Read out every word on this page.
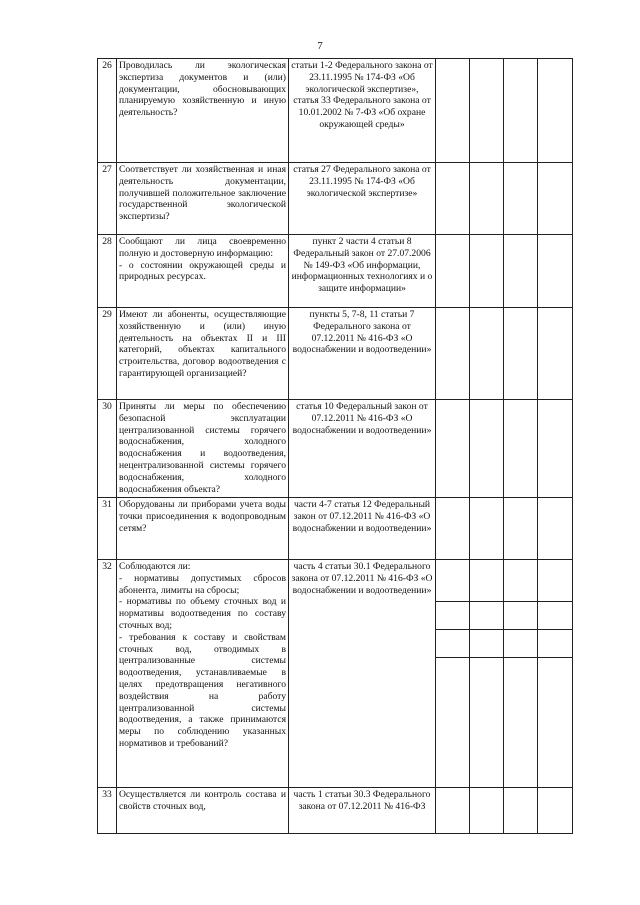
7
26	Проводилась ли экологическая экспертиза документов и (или) документации, обосновывающих планируемую хозяйственную и иную деятельность?	статьи 1-2 Федерального закона от 23.11.1995 № 174-ФЗ «Об экологической экспертизе»,
статья 33 Федерального закона от 10.01.2002 № 7-ФЗ «Об охране окружающей среды»				

27	Соответствует ли хозяйственная и иная деятельность документации, получившей положительное заключение государственной экологической экспертизы?	статья 27 Федерального закона от 23.11.1995 № 174-ФЗ «Об экологической экспертизе»				

28	Сообщают ли лица своевременно полную и достоверную информацию:
- о состоянии окружающей среды и природных ресурсах.	пункт 2 части 4 статьи 8 Федеральный закон от 27.07.2006 № 149-ФЗ «Об информации, информационных технологиях и о защите информации»				

29	Имеют ли абоненты, осуществляющие хозяйственную и (или) иную деятельность на объектах II и III категорий, объектах капитального строительства, договор водоотведения с гарантирующей организацией?	пункты 5, 7-8, 11 статьи 7 Федерального закона от 07.12.2011 № 416-ФЗ «О водоснабжении и водоотведении»				

30	Приняты ли меры по обеспечению безопасной эксплуатации централизованной системы горячего водоснабжения, холодного водоснабжения и водоотведения, нецентрализованной системы горячего водоснабжения, холодного водоснабжения объекта?	статья 10 Федеральный закон от 07.12.2011 № 416-ФЗ «О водоснабжении и водоотведении»				

31	Оборудованы ли приборами учета воды точки присоединения к водопроводным сетям?	части 4-7 статья 12 Федеральный закон от 07.12.2011 № 416-ФЗ «О водоснабжении и водоотведении»				

32	Соблюдаются ли:
- нормативы допустимых сбросов абонента, лимиты на сбросы;
- нормативы по объему сточных вод и нормативы водоотведения по составу сточных вод;
- требования к составу и свойствам сточных вод, отводимых в централизованные системы водоотведения, устанавливаемые в целях предотвращения негативного воздействия на работу централизованной системы водоотведения, а также принимаются меры по соблюдению указанных нормативов и требований?	часть 4 статьи 30.1 Федерального закона от 07.12.2011 № 416-ФЗ «О водоснабжении и водоотведении»				

33	Осуществляется ли контроль состава и свойств сточных вод,	часть 1 статьи 30.3 Федерального закона от 07.12.2011 № 416-ФЗ				
